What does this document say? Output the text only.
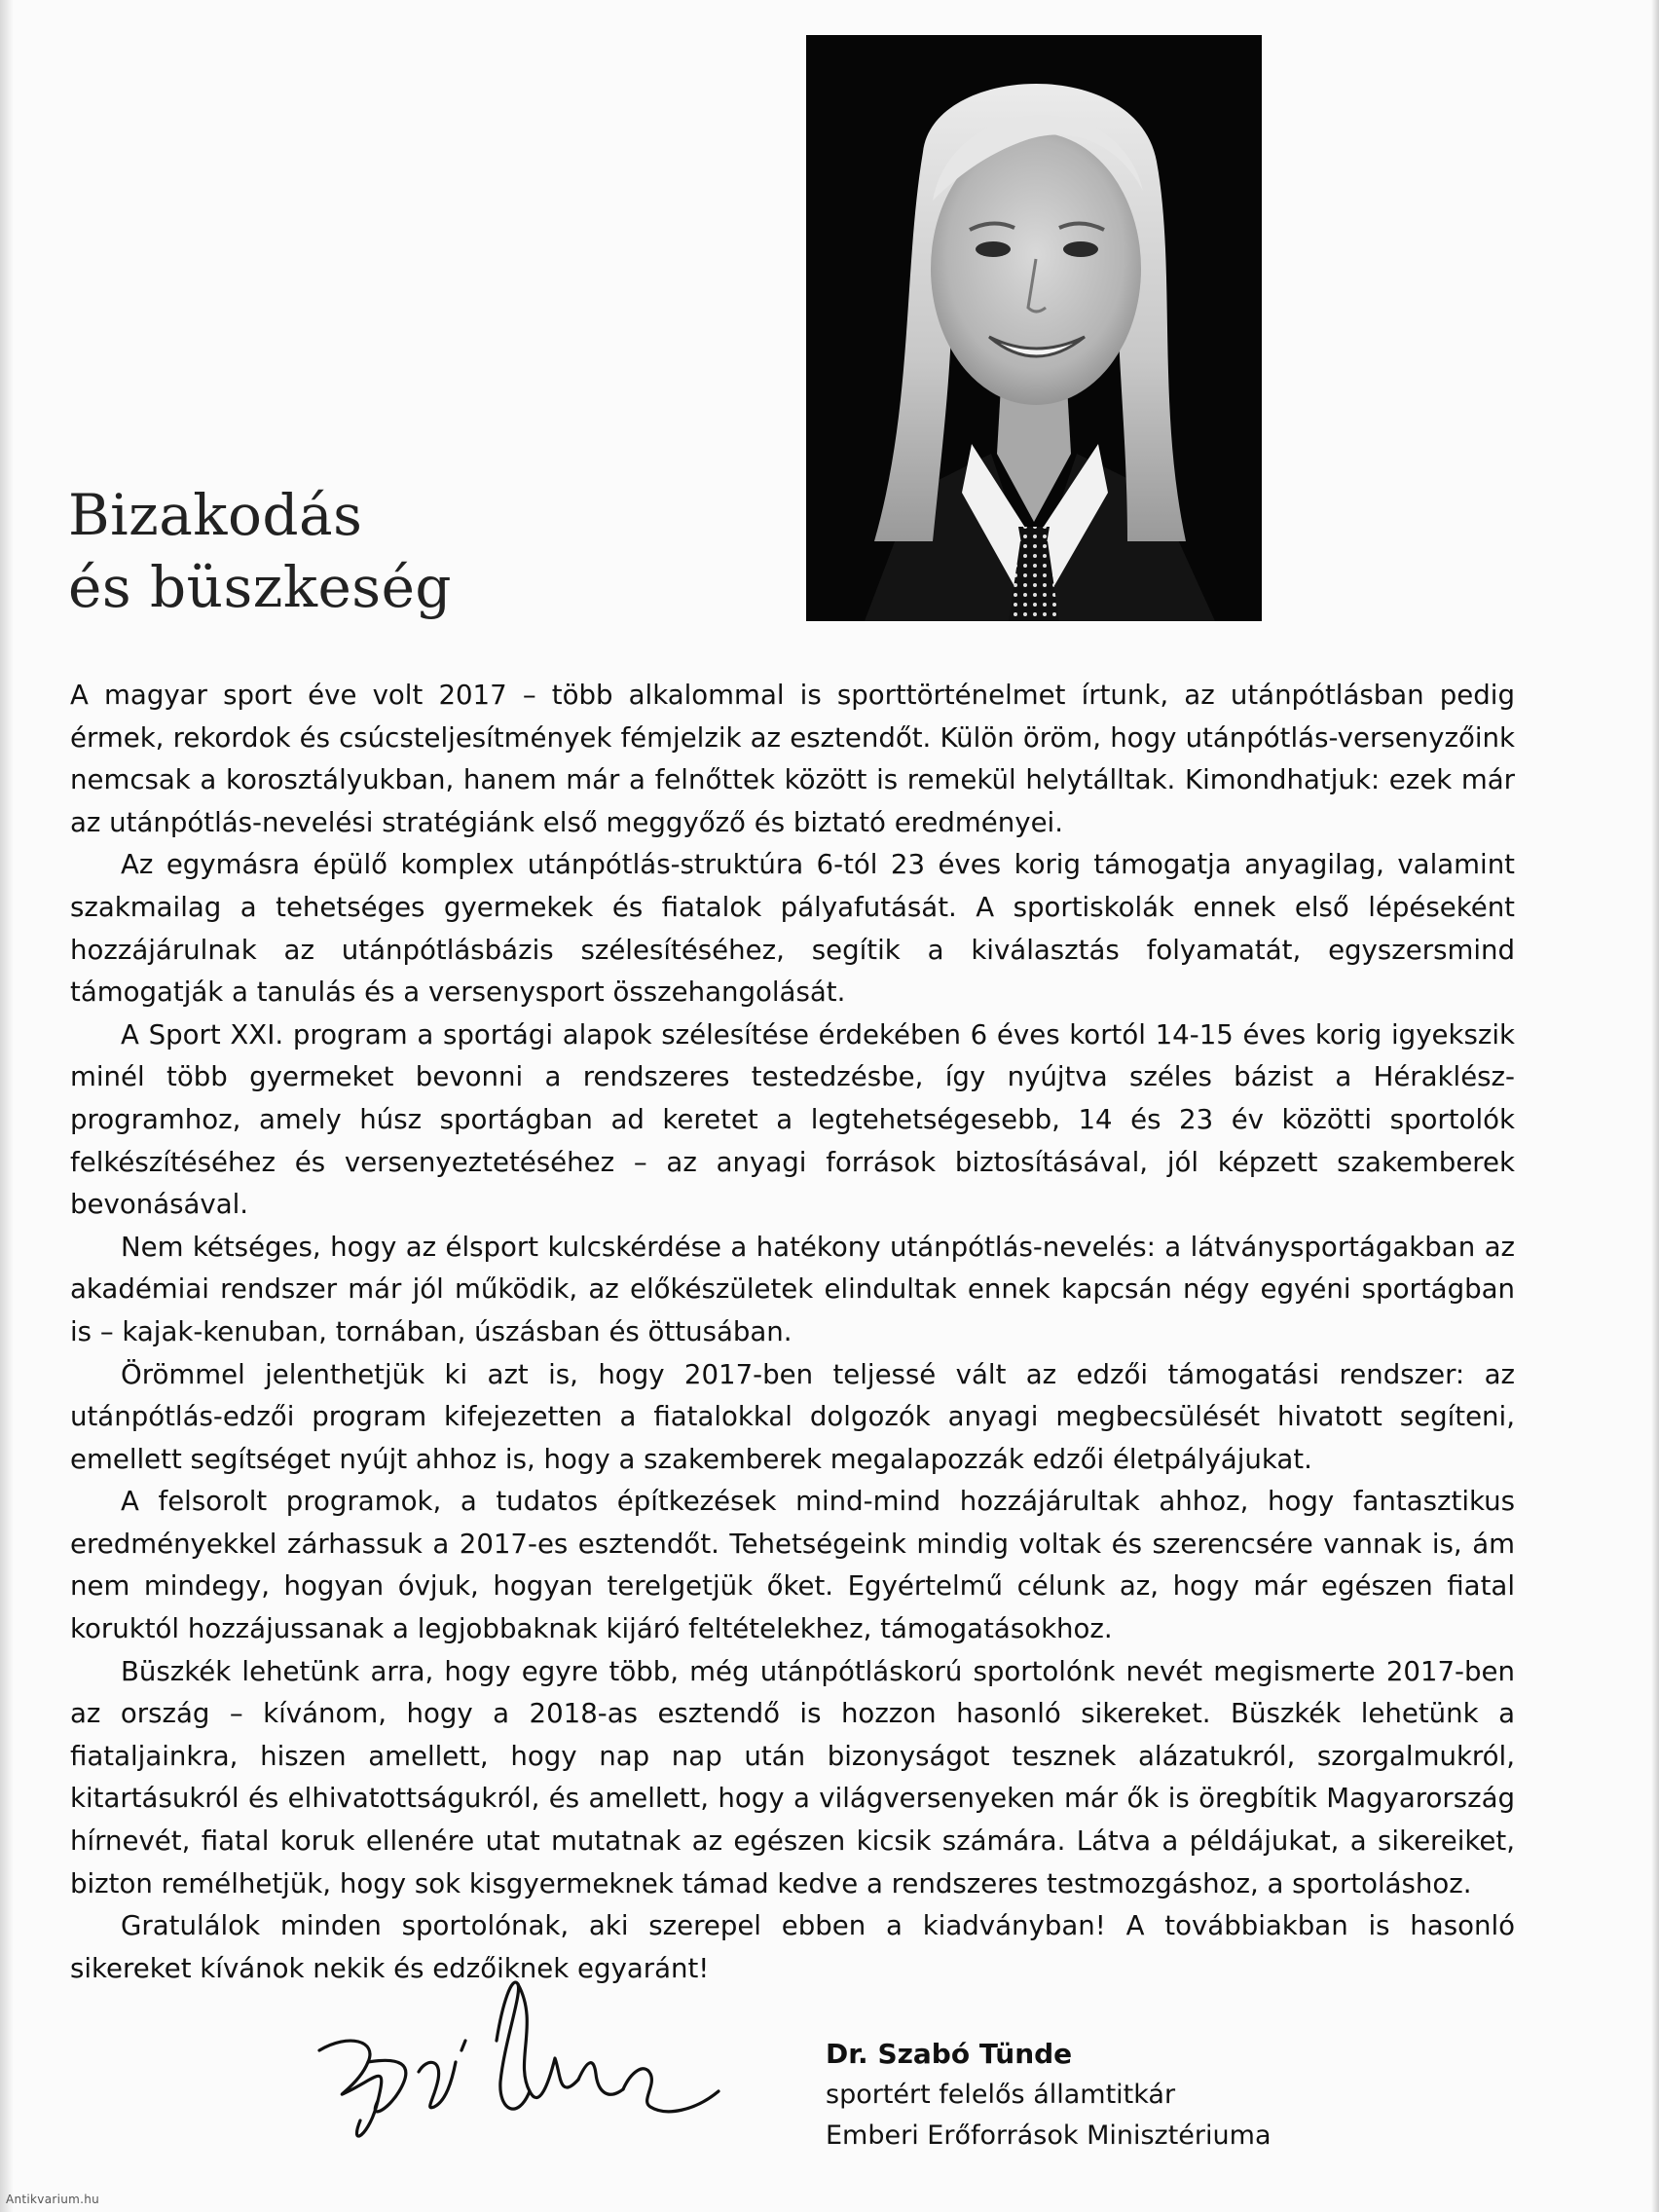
Bizakodás
és büszkeség

A magyar sport éve volt 2017 – több alkalommal is sporttörténelmet írtunk, az utánpótlásban pedig érmek, rekordok és csúcsteljesítmények fémjelzik az esztendőt. Külön öröm, hogy utánpótlás-versenyzőink nemcsak a korosztályukban, hanem már a felnőttek között is remekül helytálltak. Kimondhatjuk: ezek már az utánpótlás-nevelési stratégiánk első meggyőző és biztató eredményei.

Az egymásra épülő komplex utánpótlás-struktúra 6-tól 23 éves korig támogatja anyagilag, valamint szakmailag a tehetséges gyermekek és fiatalok pályafutását. A sportiskolák ennek első lépéseként hozzájárulnak az utánpótlásbázis szélesítéséhez, segítik a kiválasztás folyamatát, egyszersmind támogatják a tanulás és a versenysport összehangolását.

A Sport XXI. program a sportági alapok szélesítése érdekében 6 éves kortól 14-15 éves korig igyekszik minél több gyermeket bevonni a rendszeres testedzésbe, így nyújtva széles bázist a Héraklész-programhoz, amely húsz sportágban ad keretet a legtehetségesebb, 14 és 23 év közötti sportolók felkészítéséhez és versenyeztetéséhez – az anyagi források biztosításával, jól képzett szakemberek bevonásával.

Nem kétséges, hogy az élsport kulcskérdése a hatékony utánpótlás-nevelés: a látványsportágakban az akadémiai rendszer már jól működik, az előkészületek elindultak ennek kapcsán négy egyéni sportágban is – kajak-kenuban, tornában, úszásban és öttusában.

Örömmel jelenthetjük ki azt is, hogy 2017-ben teljessé vált az edzői támogatási rendszer: az utánpótlás-edzői program kifejezetten a fiatalokkal dolgozók anyagi megbecsülését hivatott segíteni, emellett segítséget nyújt ahhoz is, hogy a szakemberek megalapozzák edzői életpályájukat.

A felsorolt programok, a tudatos építkezések mind-mind hozzájárultak ahhoz, hogy fantasztikus eredményekkel zárhassuk a 2017-es esztendőt. Tehetségeink mindig voltak és szerencsére vannak is, ám nem mindegy, hogyan óvjuk, hogyan terelgetjük őket. Egyértelmű célunk az, hogy már egészen fiatal koruktól hozzájussanak a legjobbaknak kijáró feltételekhez, támogatásokhoz.

Büszkék lehetünk arra, hogy egyre több, még utánpótláskorú sportolónk nevét megismerte 2017-ben az ország – kívánom, hogy a 2018-as esztendő is hozzon hasonló sikereket. Büszkék lehetünk a fiataljainkra, hiszen amellett, hogy nap nap után bizonyságot tesznek alázatukról, szorgalmukról, kitartásukról és elhivatottságukról, és amellett, hogy a világversenyeken már ők is öregbítik Magyarország hírnevét, fiatal koruk ellenére utat mutatnak az egészen kicsik számára. Látva a példájukat, a sikereiket, bizton remélhetjük, hogy sok kisgyermeknek támad kedve a rendszeres testmozgáshoz, a sportoláshoz.

Gratulálok minden sportolónak, aki szerepel ebben a kiadványban! A továbbiakban is hasonló sikereket kívánok nekik és edzőiknek egyaránt!

Dr. Szabó Tünde
sportért felelős államtitkár
Emberi Erőforrások Minisztériuma
Antikvarium.hu
